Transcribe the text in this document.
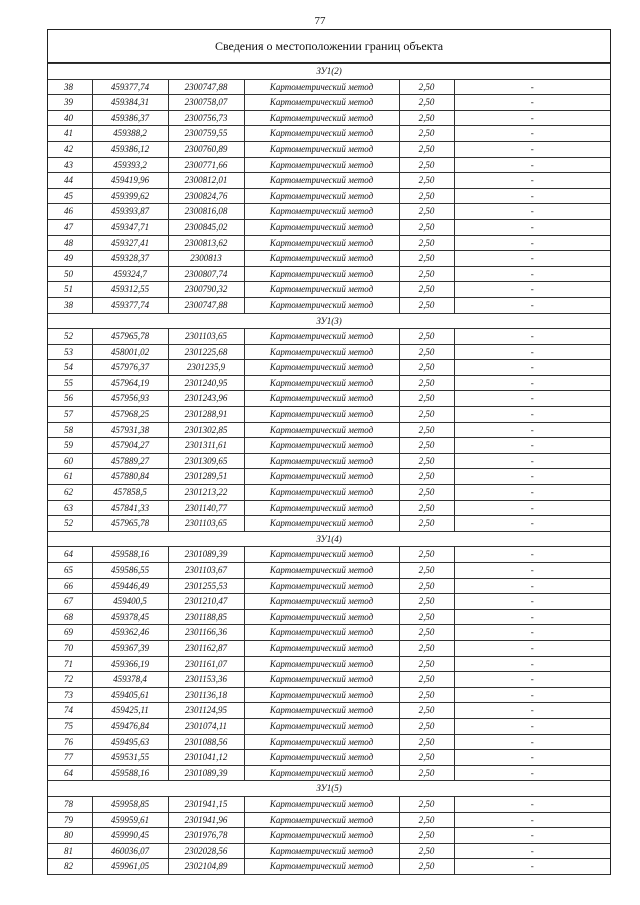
77
Сведения о местоположении границ объекта
ЗУ1(2)					
38	459377,74	2300747,88	Картометрический метод	2,50	-
39	459384,31	2300758,07	Картометрический метод	2,50	-
40	459386,37	2300756,73	Картометрический метод	2,50	-
41	459388,2	2300759,55	Картометрический метод	2,50	-
42	459386,12	2300760,89	Картометрический метод	2,50	-
43	459393,2	2300771,66	Картометрический метод	2,50	-
44	459419,96	2300812,01	Картометрический метод	2,50	-
45	459399,62	2300824,76	Картометрический метод	2,50	-
46	459393,87	2300816,08	Картометрический метод	2,50	-
47	459347,71	2300845,02	Картометрический метод	2,50	-
48	459327,41	2300813,62	Картометрический метод	2,50	-
49	459328,37	2300813	Картометрический метод	2,50	-
50	459324,7	2300807,74	Картометрический метод	2,50	-
51	459312,55	2300790,32	Картометрический метод	2,50	-
38	459377,74	2300747,88	Картометрический метод	2,50	-
ЗУ1(3)					
52	457965,78	2301103,65	Картометрический метод	2,50	-
53	458001,02	2301225,68	Картометрический метод	2,50	-
54	457976,37	2301235,9	Картометрический метод	2,50	-
55	457964,19	2301240,95	Картометрический метод	2,50	-
56	457956,93	2301243,96	Картометрический метод	2,50	-
57	457968,25	2301288,91	Картометрический метод	2,50	-
58	457931,38	2301302,85	Картометрический метод	2,50	-
59	457904,27	2301311,61	Картометрический метод	2,50	-
60	457889,27	2301309,65	Картометрический метод	2,50	-
61	457880,84	2301289,51	Картометрический метод	2,50	-
62	457858,5	2301213,22	Картометрический метод	2,50	-
63	457841,33	2301140,77	Картометрический метод	2,50	-
52	457965,78	2301103,65	Картометрический метод	2,50	-
ЗУ1(4)					
64	459588,16	2301089,39	Картометрический метод	2,50	-
65	459586,55	2301103,67	Картометрический метод	2,50	-
66	459446,49	2301255,53	Картометрический метод	2,50	-
67	459400,5	2301210,47	Картометрический метод	2,50	-
68	459378,45	2301188,85	Картометрический метод	2,50	-
69	459362,46	2301166,36	Картометрический метод	2,50	-
70	459367,39	2301162,87	Картометрический метод	2,50	-
71	459366,19	2301161,07	Картометрический метод	2,50	-
72	459378,4	2301153,36	Картометрический метод	2,50	-
73	459405,61	2301136,18	Картометрический метод	2,50	-
74	459425,11	2301124,95	Картометрический метод	2,50	-
75	459476,84	2301074,11	Картометрический метод	2,50	-
76	459495,63	2301088,56	Картометрический метод	2,50	-
77	459531,55	2301041,12	Картометрический метод	2,50	-
64	459588,16	2301089,39	Картометрический метод	2,50	-
ЗУ1(5)					
78	459958,85	2301941,15	Картометрический метод	2,50	-
79	459959,61	2301941,96	Картометрический метод	2,50	-
80	459990,45	2301976,78	Картометрический метод	2,50	-
81	460036,07	2302028,56	Картометрический метод	2,50	-
82	459961,05	2302104,89	Картометрический метод	2,50	-
